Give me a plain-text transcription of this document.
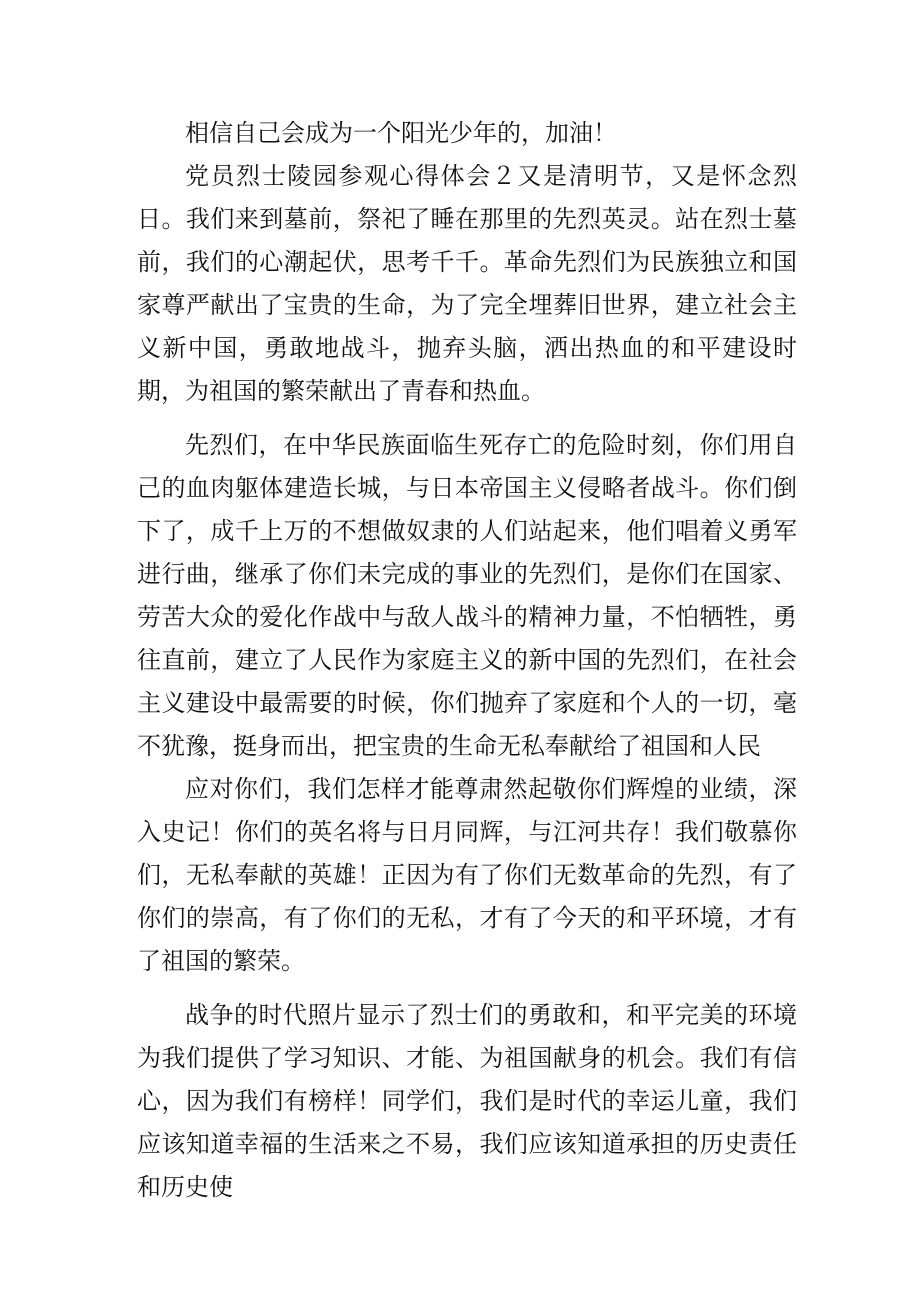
相信自己会成为一个阳光少年的，加油！

党员烈士陵园参观心得体会２又是清明节，又是怀念烈日。我们来到墓前，祭祀了睡在那里的先烈英灵。站在烈士墓前，我们的心潮起伏，思考千千。革命先烈们为民族独立和国家尊严献出了宝贵的生命，为了完全埋葬旧世界，建立社会主义新中国，勇敢地战斗，抛弃头脑，洒出热血的和平建设时期，为祖国的繁荣献出了青春和热血。

先烈们，在中华民族面临生死存亡的危险时刻，你们用自己的血肉躯体建造长城，与日本帝国主义侵略者战斗。你们倒下了，成千上万的不想做奴隶的人们站起来，他们唱着义勇军进行曲，继承了你们未完成的事业的先烈们，是你们在国家、劳苦大众的爱化作战中与敌人战斗的精神力量，不怕牺牲，勇往直前，建立了人民作为家庭主义的新中国的先烈们，在社会主义建设中最需要的时候，你们抛弃了家庭和个人的一切，毫不犹豫，挺身而出，把宝贵的生命无私奉献给了祖国和人民

应对你们，我们怎样才能尊肃然起敬你们辉煌的业绩，深入史记！你们的英名将与日月同辉，与江河共存！我们敬慕你们，无私奉献的英雄！正因为有了你们无数革命的先烈，有了你们的崇高，有了你们的无私，才有了今天的和平环境，才有了祖国的繁荣。

战争的时代照片显示了烈士们的勇敢和，和平完美的环境为我们提供了学习知识、才能、为祖国献身的机会。我们有信心，因为我们有榜样！同学们，我们是时代的幸运儿童，我们应该知道幸福的生活来之不易，我们应该知道承担的历史责任和历史使
